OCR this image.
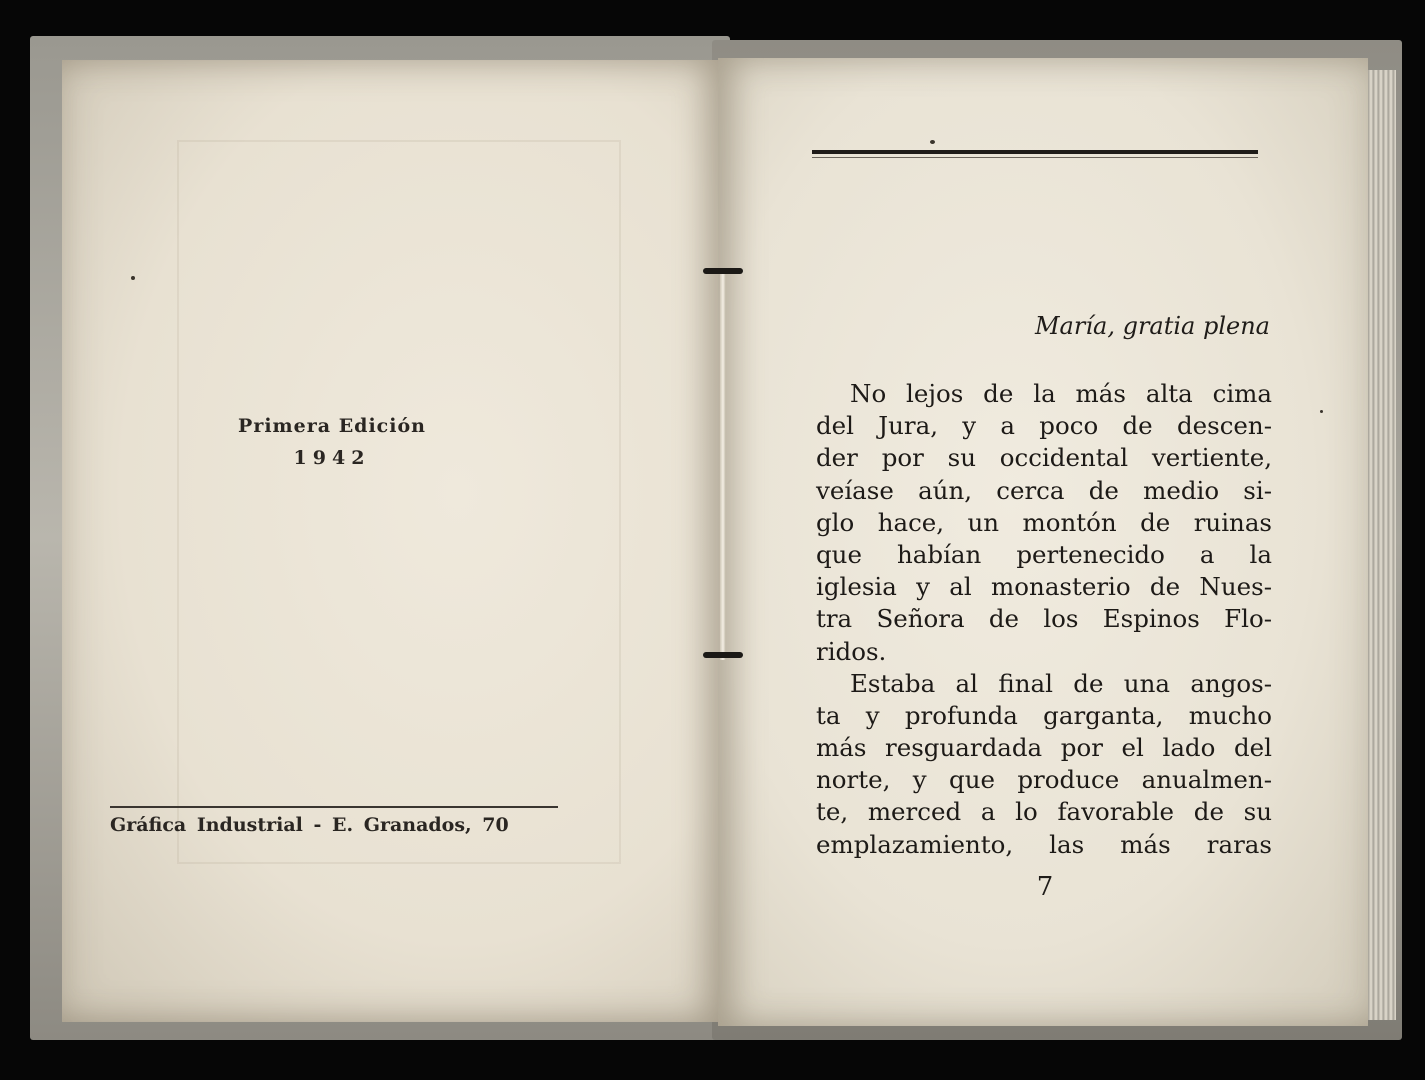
Primera Edición
1942
Gráfica Industrial - E. Granados, 70
María, gratia plena
No lejos de la más alta cima
del Jura, y a poco de descen-
der por su occidental vertiente,
veíase aún, cerca de medio si-
glo hace, un montón de ruinas
que habían pertenecido a la
iglesia y al monasterio de Nues-
tra Señora de los Espinos Flo-
ridos.
Estaba al final de una angos-
ta y profunda garganta, mucho
más resguardada por el lado del
norte, y que produce anualmen-
te, merced a lo favorable de su
emplazamiento, las más raras
7
